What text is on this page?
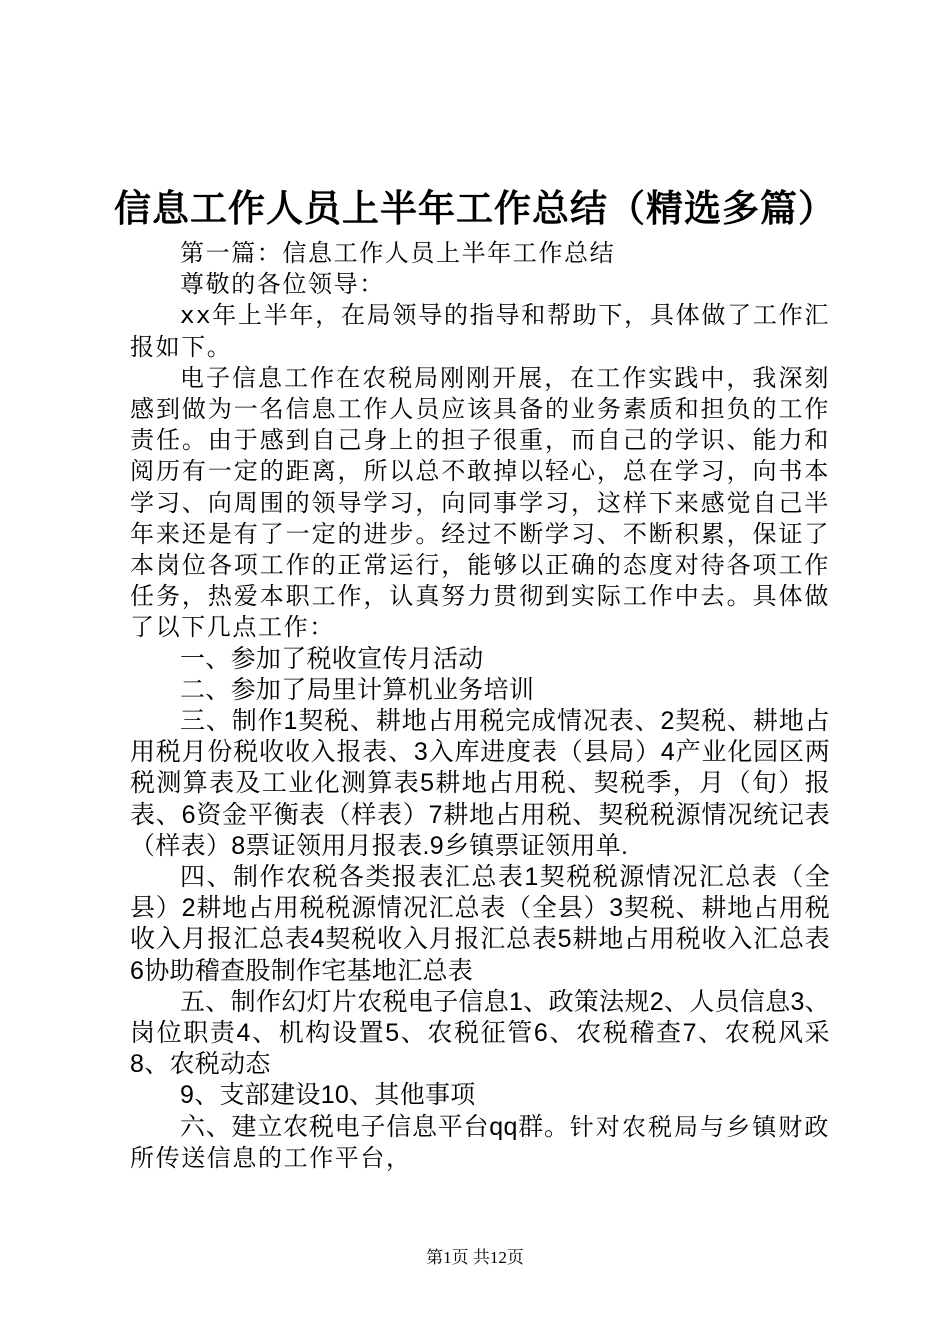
信息工作人员上半年工作总结（精选多篇）

第一篇：信息工作人员上半年工作总结

尊敬的各位领导：

xx年上半年，在局领导的指导和帮助下，具体做了工作汇报如下。

电子信息工作在农税局刚刚开展，在工作实践中，我深刻感到做为一名信息工作人员应该具备的业务素质和担负的工作责任。由于感到自己身上的担子很重，而自己的学识、能力和阅历有一定的距离，所以总不敢掉以轻心，总在学习，向书本学习、向周围的领导学习，向同事学习，这样下来感觉自己半年来还是有了一定的进步。经过不断学习、不断积累，保证了本岗位各项工作的正常运行，能够以正确的态度对待各项工作任务，热爱本职工作，认真努力贯彻到实际工作中去。具体做了以下几点工作：

一、参加了税收宣传月活动

二、参加了局里计算机业务培训

三、制作1契税、耕地占用税完成情况表、2契税、耕地占用税月份税收收入报表、3入库进度表（县局）4产业化园区两税测算表及工业化测算表5耕地占用税、契税季，月（旬）报表、6资金平衡表（样表）7耕地占用税、契税税源情况统记表（样表）8票证领用月报表.9乡镇票证领用单.

四、制作农税各类报表汇总表1契税税源情况汇总表（全县）2耕地占用税税源情况汇总表（全县）3契税、耕地占用税收入月报汇总表4契税收入月报汇总表5耕地占用税收入汇总表6协助稽查股制作宅基地汇总表

五、制作幻灯片农税电子信息1、政策法规2、人员信息3、岗位职责4、机构设置5、农税征管6、农税稽查7、农税风采8、农税动态

9、支部建设10、其他事项

六、建立农税电子信息平台qq群。针对农税局与乡镇财政所传送信息的工作平台，

第1页 共12页
